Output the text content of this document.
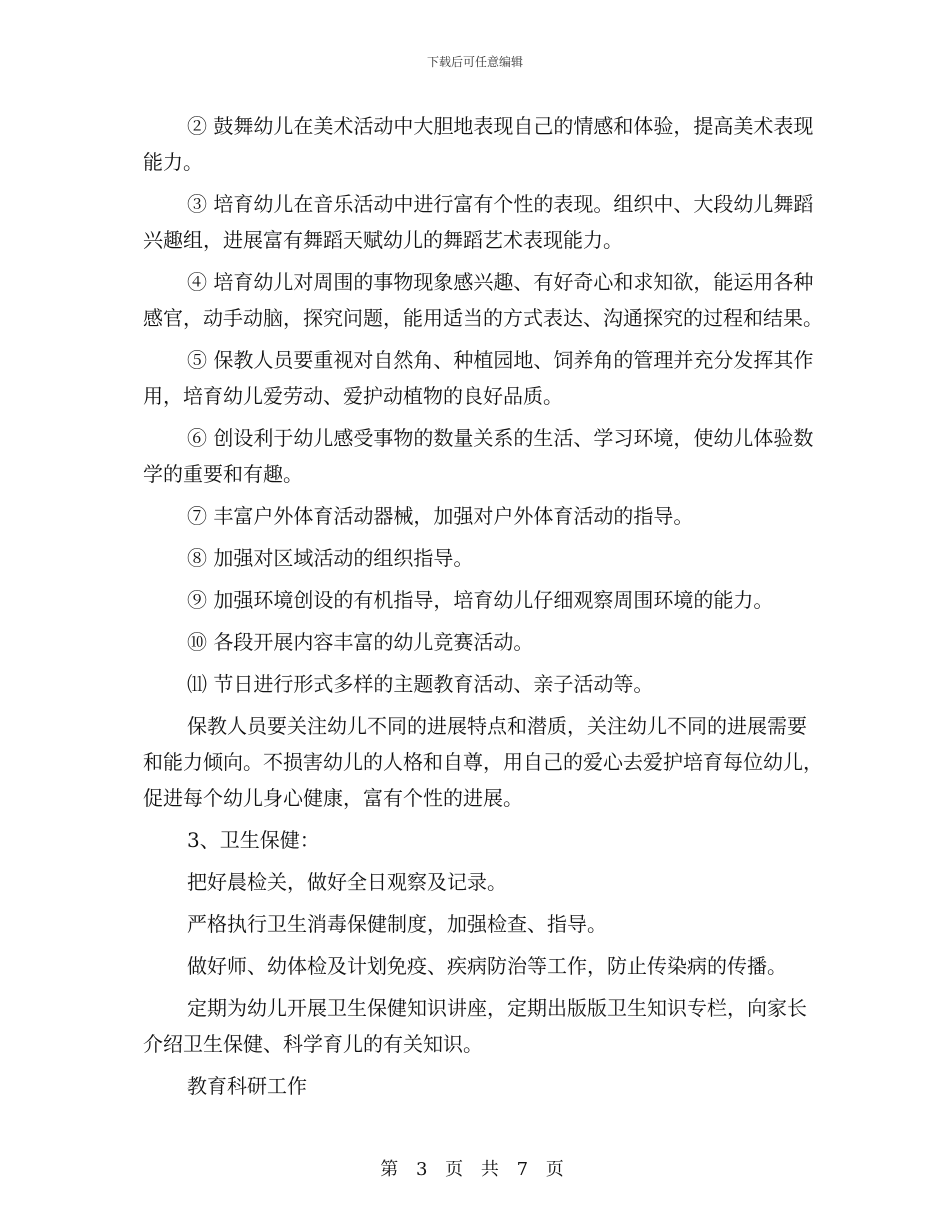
下载后可任意编辑

② 鼓舞幼儿在美术活动中大胆地表现自己的情感和体验，提高美术表现能力。

③ 培育幼儿在音乐活动中进行富有个性的表现。组织中、大段幼儿舞蹈兴趣组，进展富有舞蹈天赋幼儿的舞蹈艺术表现能力。

④ 培育幼儿对周围的事物现象感兴趣、有好奇心和求知欲，能运用各种感官，动手动脑，探究问题，能用适当的方式表达、沟通探究的过程和结果。

⑤ 保教人员要重视对自然角、种植园地、饲养角的管理并充分发挥其作用，培育幼儿爱劳动、爱护动植物的良好品质。

⑥ 创设利于幼儿感受事物的数量关系的生活、学习环境，使幼儿体验数学的重要和有趣。

⑦ 丰富户外体育活动器械，加强对户外体育活动的指导。

⑧ 加强对区域活动的组织指导。

⑨ 加强环境创设的有机指导，培育幼儿仔细观察周围环境的能力。

⑩ 各段开展内容丰富的幼儿竞赛活动。

⑾ 节日进行形式多样的主题教育活动、亲子活动等。

保教人员要关注幼儿不同的进展特点和潜质，关注幼儿不同的进展需要和能力倾向。不损害幼儿的人格和自尊，用自己的爱心去爱护培育每位幼儿，促进每个幼儿身心健康，富有个性的进展。

3、卫生保健：

把好晨检关，做好全日观察及记录。

严格执行卫生消毒保健制度，加强检查、指导。

做好师、幼体检及计划免疫、疾病防治等工作，防止传染病的传播。

定期为幼儿开展卫生保健知识讲座，定期出版版卫生知识专栏，向家长介绍卫生保健、科学育儿的有关知识。

教育科研工作

第 3 页 共 7 页
